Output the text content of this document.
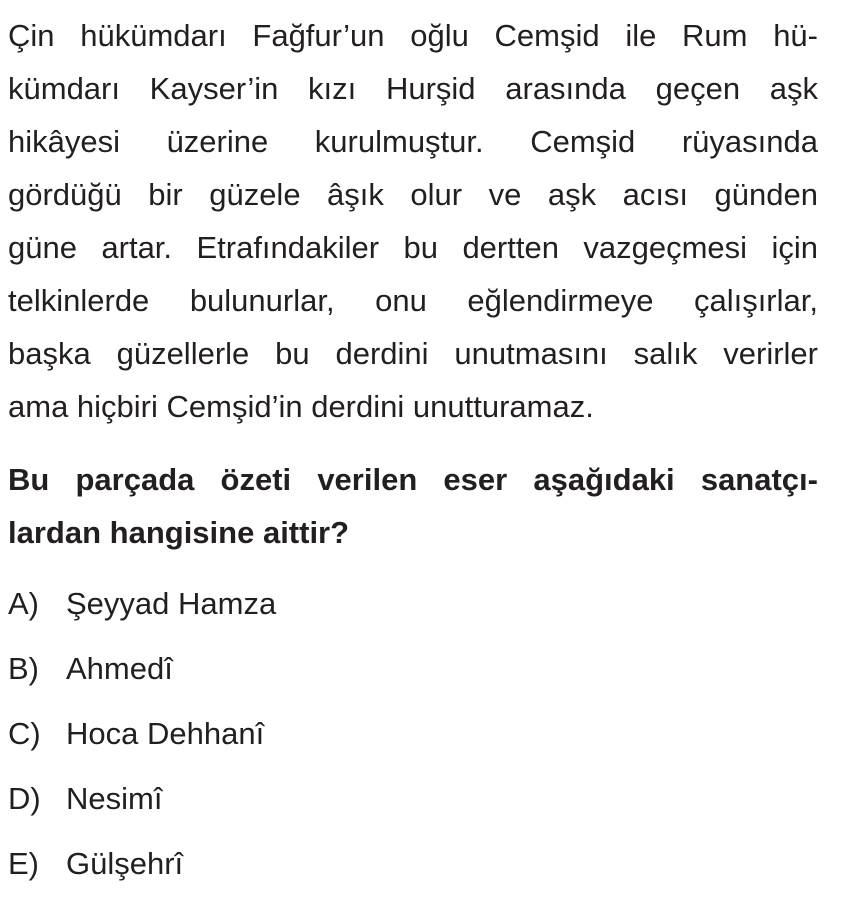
Çin hükümdarı Fağfur’un oğlu Cemşid ile Rum hü-
kümdarı Kayser’in kızı Hurşid arasında geçen aşk
hikâyesi üzerine kurulmuştur. Cemşid rüyasında
gördüğü bir güzele âşık olur ve aşk acısı günden
güne artar. Etrafındakiler bu dertten vazgeçmesi için
telkinlerde bulunurlar, onu eğlendirmeye çalışırlar,
başka güzellerle bu derdini unutmasını salık verirler
ama hiçbiri Cemşid’in derdini unutturamaz.
Bu parçada özeti verilen eser aşağıdaki sanatçı-
lardan hangisine aittir?
A) Şeyyad Hamza
B) Ahmedî
C) Hoca Dehhanî
D) Nesimî
E) Gülşehrî
